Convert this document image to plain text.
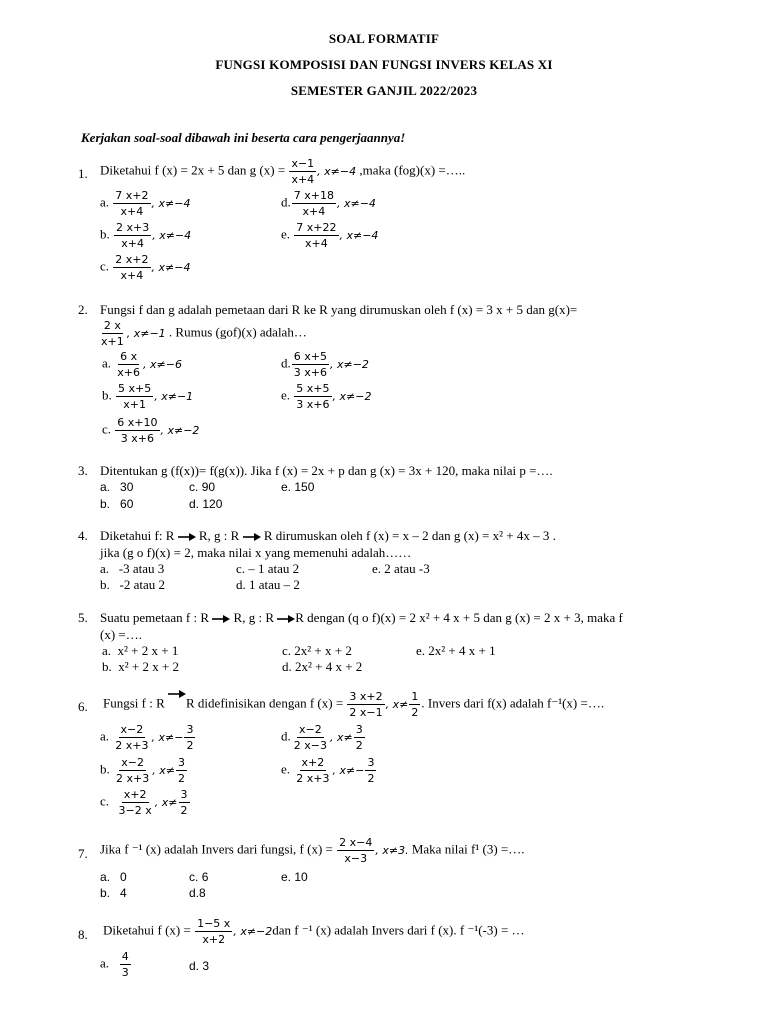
SOAL FORMATIF
FUNGSI KOMPOSISI DAN FUNGSI INVERS KELAS XI
SEMESTER GANJIL 2022/2023
Kerjakan soal-soal dibawah ini beserta cara pengerjaannya!
1. Diketahui f (x) = 2x + 5 dan g $(x) = \frac{x-1}{x+4}$ , x≠−4 ,maka (fog)(x) =…..
a. $\frac{7 x+2}{x+4}$ , x≠−4
b. $\frac{2 x+3}{x+4}$ , x≠−4
c. $\frac{2 x+2}{x+4}$ , x≠−4
d. $\frac{7 x+18}{x+4}$ , x≠−4
e. $\frac{7 x+22}{x+4}$ , x≠−4
2. Fungsi f dan g adalah pemetaan dari R ke R yang dirumuskan oleh f (x) = 3 x + 5 dan g(x)=
$\frac{2 x}{x+1}$ , x≠−1 . Rumus (gof)(x) adalah…
a. $\frac{6 x}{x+6}$ , x≠−6
b. $\frac{5 x+5}{x+1}$ , x≠−1
c. $\frac{6 x+10}{3 x+6}$ , x≠−2
d. $\frac{6 x+5}{3 x+6}$ , x≠−2
e. $\frac{5 x+5}{3 x+6}$ , x≠−2
3. Ditentukan g (f(x))= f(g(x)). Jika f (x) = 2x + p dan g (x) = 3x + 120, maka nilai p =….
a. 30
b. 60
c. 90
d. 120
e. 150
4. Diketahui f: R R, g : R R dirumuskan oleh f (x) = x – 2 dan g (x) = x² + 4x – 3 .
jika (g o f)(x) = 2, maka nilai x yang memenuhi adalah……
a. -3 atau 3
b. -2 atau 2
c. – 1 atau 2
d. 1 atau – 2
e. 2 atau -3
5. Suatu pemetaan f : R R, g : R R dengan (q o f)(x) = 2 x² + 4 x + 5 dan g (x) = 2 x + 3, maka f
(x) =….
a. x² + 2 x + 1
b. x² + 2 x + 2
c. 2x² + x + 2
d. 2x² + 4 x + 2
e. 2x² + 4 x + 1
6. Fungsi f : R R didefinisikan dengan f $(x) = \frac{3 x+2}{2 x-1}$ , $x\ne \frac{1}{2}$ . Invers dari f(x) adalah f⁻¹(x) =….
a. $\frac{x-2}{2 x+3}$ , $x\ne- \frac{3}{2}$
b. $\frac{x-2}{2 x+3}$ , $x\ne \frac{3}{2}$
c. $\frac{x+2}{3-2 x}$ , $x\ne \frac{3}{2}$
d. $\frac{x-2}{2 x-3}$ , $x\ne \frac{3}{2}$
e. $\frac{x+2}{2 x+3}$ , $x\ne- \frac{3}{2}$
7. Jika f ⁻¹ (x) adalah Invers dari fungsi, f $(x) = \frac{2 x-4}{x-3}$ , x≠3. Maka nilai f¹ (3) =….
a. 0
b. 4
c. 6
d.8
e. 10
8. Diketahui f $(x) = \frac{1-5 x}{x+2}$ , x≠−2dan f ⁻¹ (x) adalah Invers dari f (x). f ⁻¹(-3) = …
a. $\frac{4}{3}$	d. 3
